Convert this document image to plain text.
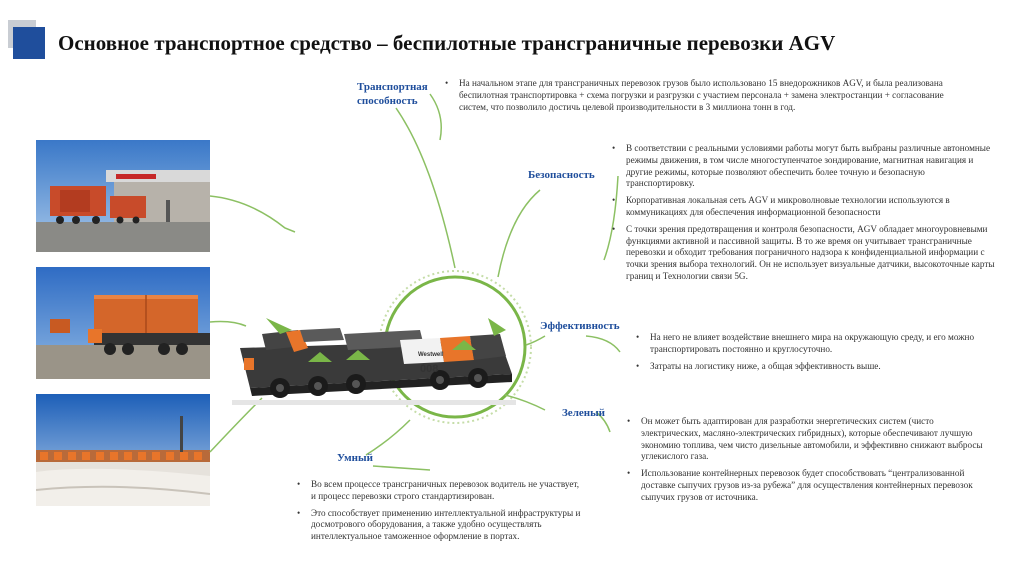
Основное транспортное средство – беспилотные трансграничные перевозки AGV
Westwell
008
Транспортная способность
Безопасность
Эффективность
Зеленый
Умный
• На начальном этапе для трансграничных перевозок грузов было использовано 15 внедорожников AGV, и была реализована беспилотная транспортировка + схема погрузки и разгрузки с участием персонала + замена электростанции + согласование систем, что позволило достичь целевой производительности в 3 миллиона тонн в год.
• В соответствии с реальными условиями работы могут быть выбраны различные автономные режимы движения, в том числе многоступенчатое зондирование, магнитная навигация и другие режимы, которые позволяют обеспечить более точную и безопасную транспортировку.
• Корпоративная локальная сеть AGV и микроволновые технологии используются в коммуникациях для обеспечения информационной безопасности
• С точки зрения предотвращения и контроля безопасности, AGV обладает многоуровневыми функциями активной и пассивной защиты. В то же время он учитывает трансграничные перевозки и обходит требования пограничного надзора к конфиденциальной информации с точки зрения выбора технологий. Он не использует визуальные датчики, высокоточные карты границ и Технологии связи 5G.
• На него не влияет воздействие внешнего мира на окружающую среду, и его можно транспортировать постоянно и круглосуточно.
• Затраты на логистику ниже, а общая эффективность выше.
• Он может быть адаптирован для разработки энергетических систем (чисто электрических, масляно-электрических гибридных), которые обеспечивают лучшую экономию топлива, чем чисто дизельные автомобили, и эффективно снижают выбросы углекислого газа.
• Использование контейнерных перевозок будет способствовать “централизованной доставке сыпучих грузов из-за рубежа” для осуществления контейнерных перевозок сыпучих грузов от источника.
• Во всем процессе трансграничных перевозок водитель не участвует, и процесс перевозки строго стандартизирован.
• Это способствует применению интеллектуальной инфраструктуры и досмотрового оборудования, а также удобно осуществлять интеллектуальное таможенное оформление в портах.
